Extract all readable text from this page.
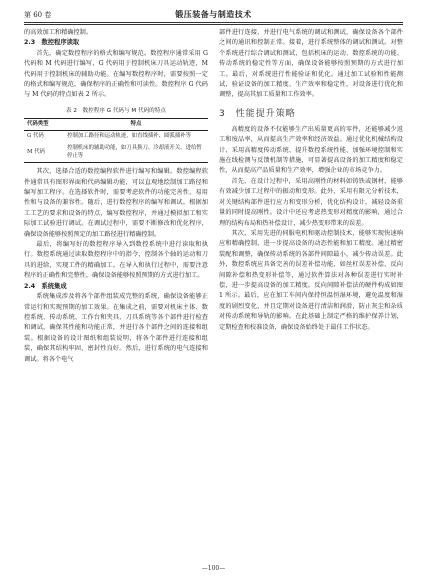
第 60 卷	锻压装备与制造技术

的高效加工和精确控制。

2.3　数控程序读取

首先，确定数控程序的格式和编写规范。数控程序通常采用 G 代码和 M 代码进行编写，G 代码用于控制机床刀具运动轨迹，M 代码用于控制机床的辅助功能。在编写数控程序时，需要按照一定的格式和编写规范，确保程序的正确性和可读性。数控程序 G 代码与 M 代码的特点如表 2 所示。

表 2　数控程序 G 代码与 M 代码的特点
代码类型	特点
G 代码	控制加工路径和运动轨迹，如直线插补、圆弧插补等
M 代码	控制机床的辅助功能，如刀具换刀、冷却液开关、进给暂停止等

其次，选择合适的数控编程软件进行编写和编辑。数控编程软件通常具有图形界面和代码编辑功能，可以直观地绘制加工路径和编写加工程序。在选择软件时，需要考虑软件的功能完善性、易用性和与设备的兼容性。随后，进行数控程序的编写和调试。根据加工工艺的要求和设备的特点，编写数控程序，并通过模拟加工和实际加工试验进行调试。在调试过程中，需要不断修改和优化程序，确保设备能够按照预定的加工路径进行精确控制。

最后，将编写好的数控程序导入到数控系统中进行读取和执行。数控系统通过读取数控程序中的指令，控制各个轴的运动和刀具的进给，实现工件的精确加工。在导入和执行过程中，需要注意程序的正确性和完整性，确保设备能够按照预期的方式进行加工。

2.4　系统集成

系统集成涉及将各个部件组装成完整的系统，确保设备能够正常运行和实现预期的加工效果。在集成之前，需要对机床主体、数控系统、传动系统、工作台和夹具、刀具系统等各个部件进行检查和调试，确保其性能和功能正常，并进行各个部件之间的连接和组装。根据设备的设计图纸和组装说明，将各个部件进行连接和组装，确保其结构牢固、密封性良好。然后，进行系统的电气连接和调试。将各个电气

部件进行连接，并进行电气系统的调试和测试，确保设备各个部件之间的通讯和控制正常。接着，进行系统整体的调试和测试。对整个系统进行综合调试和测试，包括机床的运动、数控系统的功能、传动系统的稳定性等方面，确保设备能够按照预期的方式进行加工。最后，对系统进行性能验证和优化。通过加工试验和性能测试，验证设备的加工精度、生产效率和稳定性，对设备进行优化和调整，提高其加工质量和工作效率。

3　性能提升策略

高精度的设备不仅能够生产出质量更高的零件，还能够减少返工和废品率，从而提高生产效率和经济效益。通过优化机械结构设计、采用高精度传动系统、提升数控系统性能、加强环境控制和实施在线检测与反馈机制等措施，可显著提高设备的加工精度和稳定性，从而提高产品质量和生产效率，增强企业的市场竞争力。

首先，在设计过程中，采用高刚性的材料如铸铁或钢材，能够有效减少加工过程中的振动和变形。此外，采用有限元分析技术，对关键结构部件进行应力和变形分析，优化结构设计，减轻设备重量的同时提高刚性。设计中还应考虑热变形对精度的影响，通过合理的结构布局和热补偿设计，减少热变形带来的误差。

其次，采用先进的伺服电机和驱动控制技术，能够实现快速响应和精确控制，进一步提高设备的动态性能和加工精度。通过精密装配和调整，确保传动系统的各部件间隙最小，减少传动误差。此外，数控系统应具备完善的误差补偿功能，如丝杠误差补偿、反向间隙补偿和热变形补偿等，通过软件算法对各种误差进行实时补偿，进一步提高设备的加工精度。反向间隙补偿法的硬件构成如图 1 所示。最后，应在加工车间内保持恒温恒湿环境，避免温度和湿度的剧烈变化，并且定期对设备进行清洁和润滑，防止灰尘和杂质对传动系统和导轨的影响。在此基础上制定严格的维护保养计划，定期检查和校准设备，确保设备始终处于最佳工作状态。

—100—
